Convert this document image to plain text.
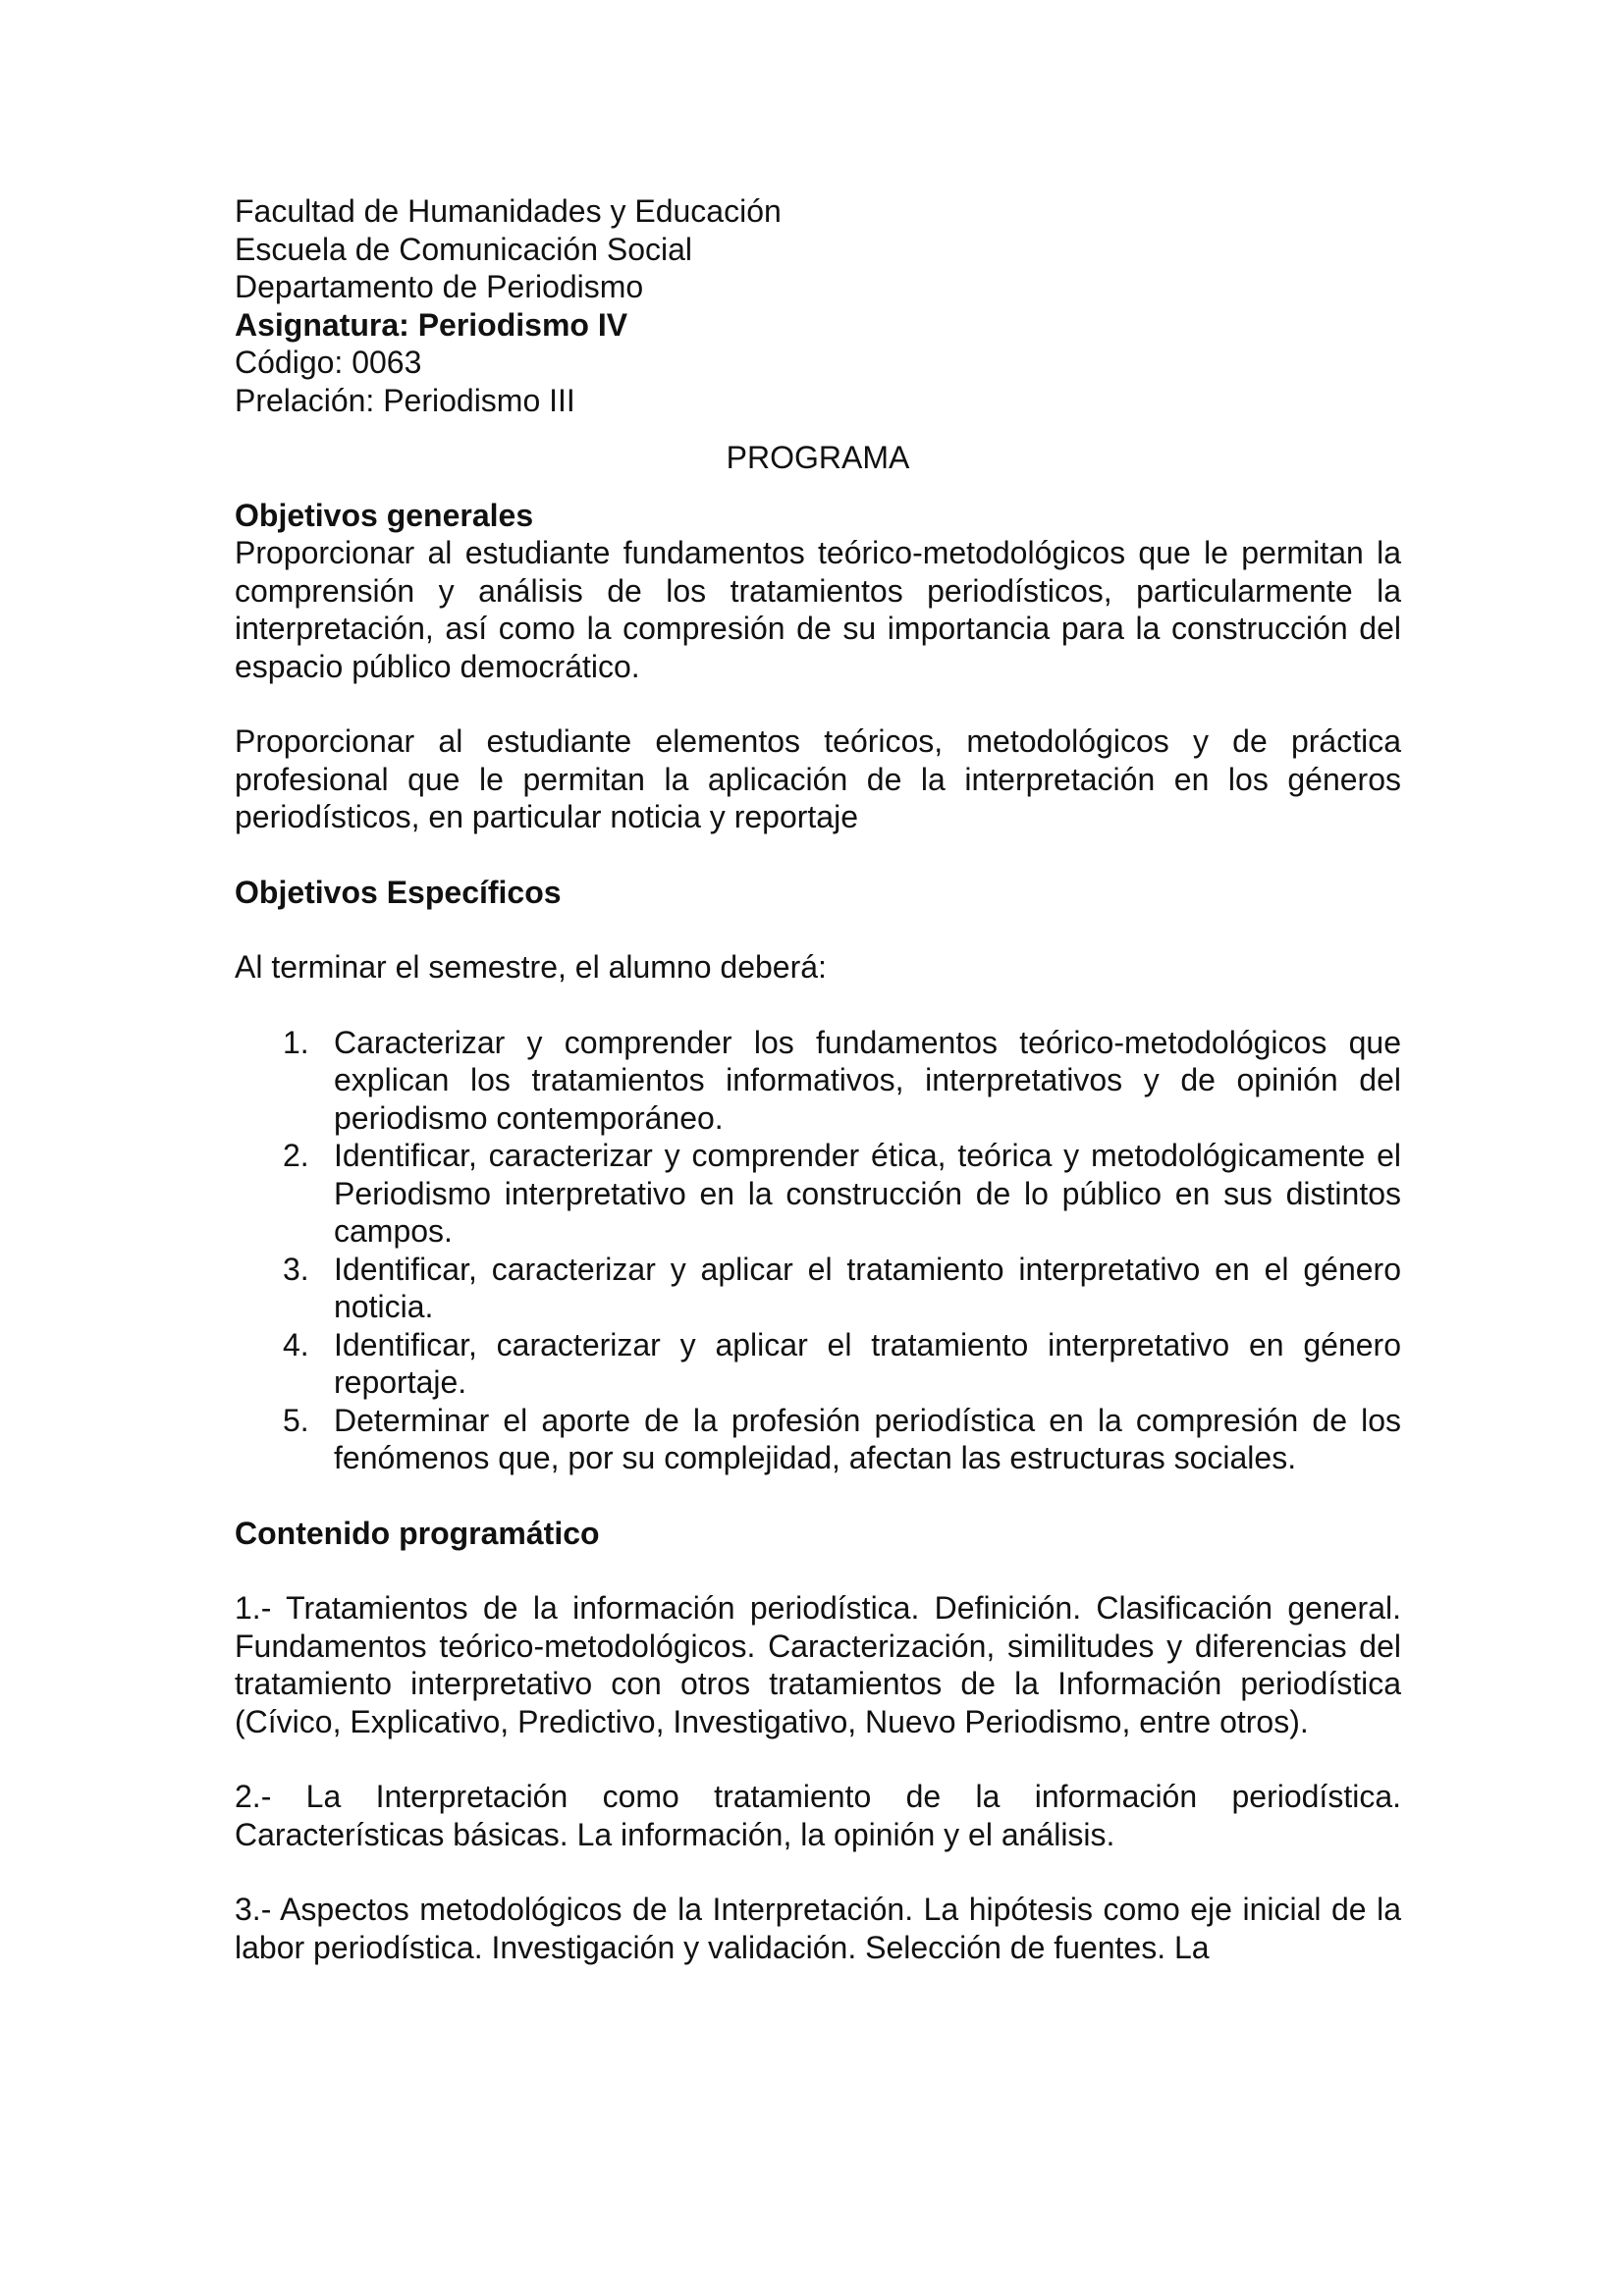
Facultad de Humanidades y Educación
Escuela de Comunicación Social
Departamento de Periodismo
Asignatura: Periodismo IV
Código: 0063
Prelación: Periodismo III
PROGRAMA

Objetivos generales

Proporcionar al estudiante fundamentos teórico-metodológicos que le permitan la comprensión y análisis de los tratamientos periodísticos, particularmente la interpretación, así como la compresión de su importancia para la construcción del espacio público democrático.

Proporcionar al estudiante elementos teóricos, metodológicos y de práctica profesional que le permitan la aplicación de la interpretación en los géneros periodísticos, en particular noticia y reportaje

Objetivos Específicos

Al terminar el semestre, el alumno deberá:

1. Caracterizar y comprender los fundamentos teórico-metodológicos que explican los tratamientos informativos, interpretativos y de opinión del periodismo contemporáneo.
2. Identificar, caracterizar y comprender ética, teórica y metodológicamente el Periodismo interpretativo en la construcción de lo público en sus distintos campos.
3. Identificar, caracterizar y aplicar el tratamiento interpretativo en el género noticia.
4. Identificar, caracterizar y aplicar el tratamiento interpretativo en género reportaje.
5. Determinar el aporte de la profesión periodística en la compresión de los fenómenos que, por su complejidad, afectan las estructuras sociales.

Contenido programático

1.- Tratamientos de la información periodística. Definición. Clasificación general. Fundamentos teórico-metodológicos. Caracterización, similitudes y diferencias del tratamiento interpretativo con otros tratamientos de la Información periodística (Cívico, Explicativo, Predictivo, Investigativo, Nuevo Periodismo, entre otros).

2.- La Interpretación como tratamiento de la información periodística. Características básicas. La información, la opinión y el análisis.

3.- Aspectos metodológicos de la Interpretación. La hipótesis como eje inicial de la labor periodística. Investigación y validación. Selección de fuentes. La
